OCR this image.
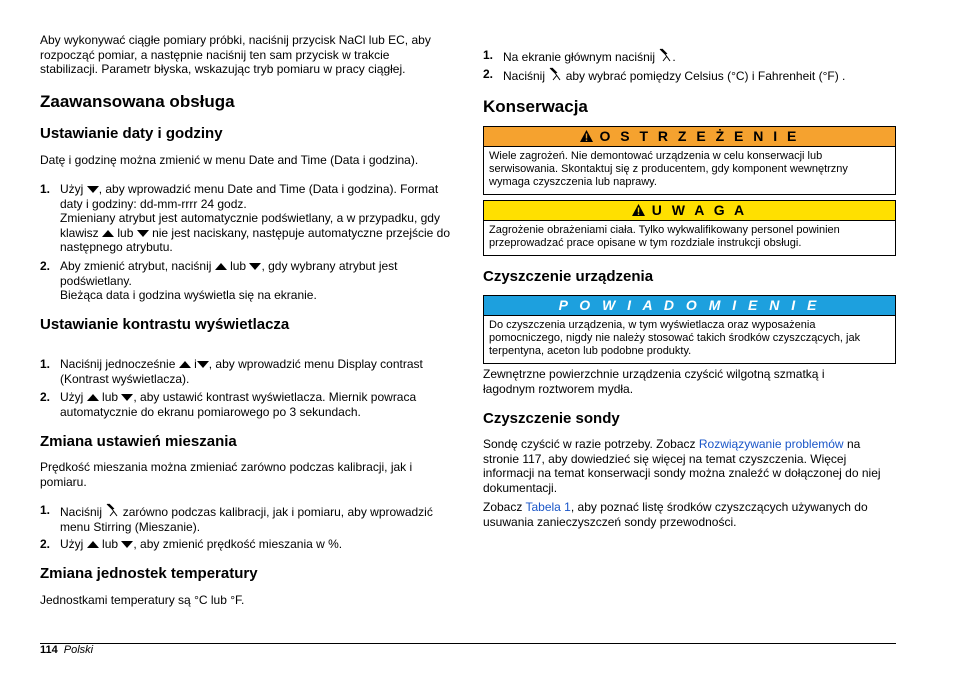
Aby wykonywać ciągłe pomiary próbki, naciśnij przycisk NaCl lub EC, aby rozpocząć pomiar, a następnie naciśnij ten sam przycisk w trakcie stabilizacji. Parametr błyska, wskazując tryb pomiaru w pracy ciągłej.

Zaawansowana obsługa
Ustawianie daty i godziny

Datę i godzinę można zmienić w menu Date and Time (Data i godzina).

1. Użyj , aby wprowadzić menu Date and Time (Data i godzina). Format daty i godziny: dd-mm-rrrr 24 godz.
Zmieniany atrybut jest automatycznie podświetlany, a w przypadku, gdy klawisz lub nie jest naciskany, następuje automatyczne przejście do następnego atrybutu.
2. Aby zmienić atrybut, naciśnij lub , gdy wybrany atrybut jest podświetlany.
Bieżąca data i godzina wyświetla się na ekranie.
Ustawianie kontrastu wyświetlacza
1. Naciśnij jednocześnie i , aby wprowadzić menu Display contrast (Kontrast wyświetlacza).
2. Użyj lub , aby ustawić kontrast wyświetlacza. Miernik powraca automatycznie do ekranu pomiarowego po 3 sekundach.
Zmiana ustawień mieszania

Prędkość mieszania można zmieniać zarówno podczas kalibracji, jak i pomiaru.

1. Naciśnij zarówno podczas kalibracji, jak i pomiaru, aby wprowadzić menu Stirring (Mieszanie).
2. Użyj lub , aby zmienić prędkość mieszania w %.
Zmiana jednostek temperatury

Jednostkami temperatury są °C lub °F.

1. Na ekranie głównym naciśnij .
2. Naciśnij aby wybrać pomiędzy Celsius (°C) i Fahrenheit (°F) .
Konserwacja
O S T R Z E Ż E N I E
Wiele zagrożeń. Nie demontować urządzenia w celu konserwacji lub serwisowania. Skontaktuj się z producentem, gdy komponent wewnętrzny wymaga czyszczenia lub naprawy.
U W A G A
Zagrożenie obrażeniami ciała. Tylko wykwalifikowany personel powinien przeprowadzać prace opisane w tym rozdziale instrukcji obsługi.
Czyszczenie urządzenia
P O W I A D O M I E N I E
Do czyszczenia urządzenia, w tym wyświetlacza oraz wyposażenia pomocniczego, nigdy nie należy stosować takich środków czyszczących, jak terpentyna, aceton lub podobne produkty.

Zewnętrzne powierzchnie urządzenia czyścić wilgotną szmatką i łagodnym roztworem mydła.

Czyszczenie sondy

Sondę czyścić w razie potrzeby. Zobacz Rozwiązywanie problemów na stronie 117, aby dowiedzieć się więcej na temat czyszczenia. Więcej informacji na temat konserwacji sondy można znaleźć w dołączonej do niej dokumentacji.

Zobacz Tabela 1, aby poznać listę środków czyszczących używanych do usuwania zanieczyszczeń sondy przewodności.

114 Polski
